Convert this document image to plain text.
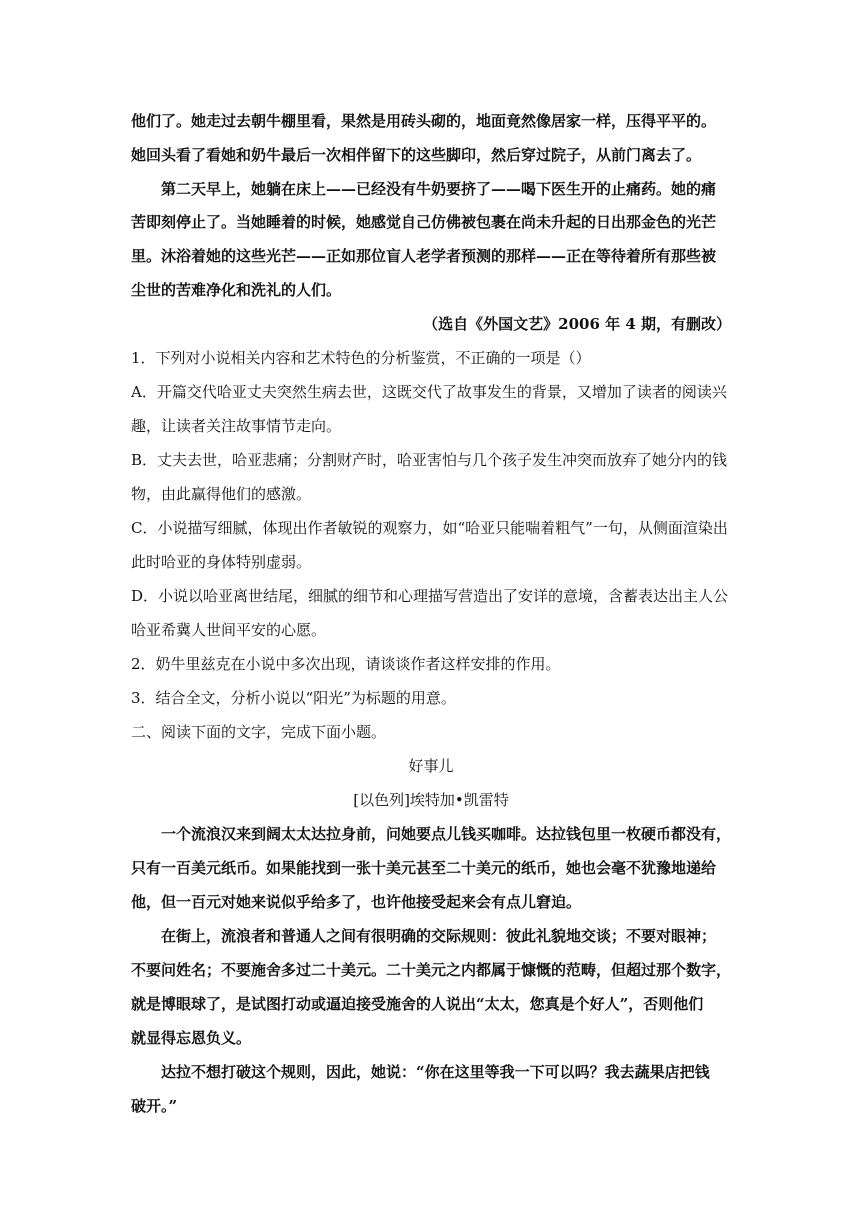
他们了。她走过去朝牛棚里看，果然是用砖头砌的，地面竟然像居家一样，压得平平的。
她回头看了看她和奶牛最后一次相伴留下的这些脚印，然后穿过院子，从前门离去了。
　　第二天早上，她躺在床上——已经没有牛奶要挤了——喝下医生开的止痛药。她的痛
苦即刻停止了。当她睡着的时候，她感觉自己仿佛被包裹在尚未升起的日出那金色的光芒
里。沐浴着她的这些光芒——正如那位盲人老学者预测的那样——正在等待着所有那些被
尘世的苦难净化和洗礼的人们。
（选自《外国文艺》2006 年 4 期，有删改）
1．下列对小说相关内容和艺术特色的分析鉴赏，不正确的一项是（）
A．开篇交代哈亚丈夫突然生病去世，这既交代了故事发生的背景，又增加了读者的阅读兴
趣，让读者关注故事情节走向。
B．丈夫去世，哈亚悲痛；分割财产时，哈亚害怕与几个孩子发生冲突而放弃了她分内的钱
物，由此赢得他们的感激。
C．小说描写细腻，体现出作者敏锐的观察力，如“哈亚只能喘着粗气”一句，从侧面渲染出
此时哈亚的身体特别虚弱。
D．小说以哈亚离世结尾，细腻的细节和心理描写营造出了安详的意境，含蓄表达出主人公
哈亚希冀人世间平安的心愿。
2．奶牛里兹克在小说中多次出现，请谈谈作者这样安排的作用。
3．结合全文，分析小说以“阳光”为标题的用意。
二、阅读下面的文字，完成下面小题。
好事儿
[以色列]埃特加•凯雷特
　　一个流浪汉来到阔太太达拉身前，问她要点儿钱买咖啡。达拉钱包里一枚硬币都没有，
只有一百美元纸币。如果能找到一张十美元甚至二十美元的纸币，她也会毫不犹豫地递给
他，但一百元对她来说似乎给多了，也许他接受起来会有点儿窘迫。
　　在街上，流浪者和普通人之间有很明确的交际规则：彼此礼貌地交谈；不要对眼神；
不要问姓名；不要施舍多过二十美元。二十美元之内都属于慷慨的范畴，但超过那个数字，
就是博眼球了，是试图打动或逼迫接受施舍的人说出“太太，您真是个好人”，否则他们
就显得忘恩负义。
　　达拉不想打破这个规则，因此，她说：“你在这里等我一下可以吗？我去蔬果店把钱
破开。”
